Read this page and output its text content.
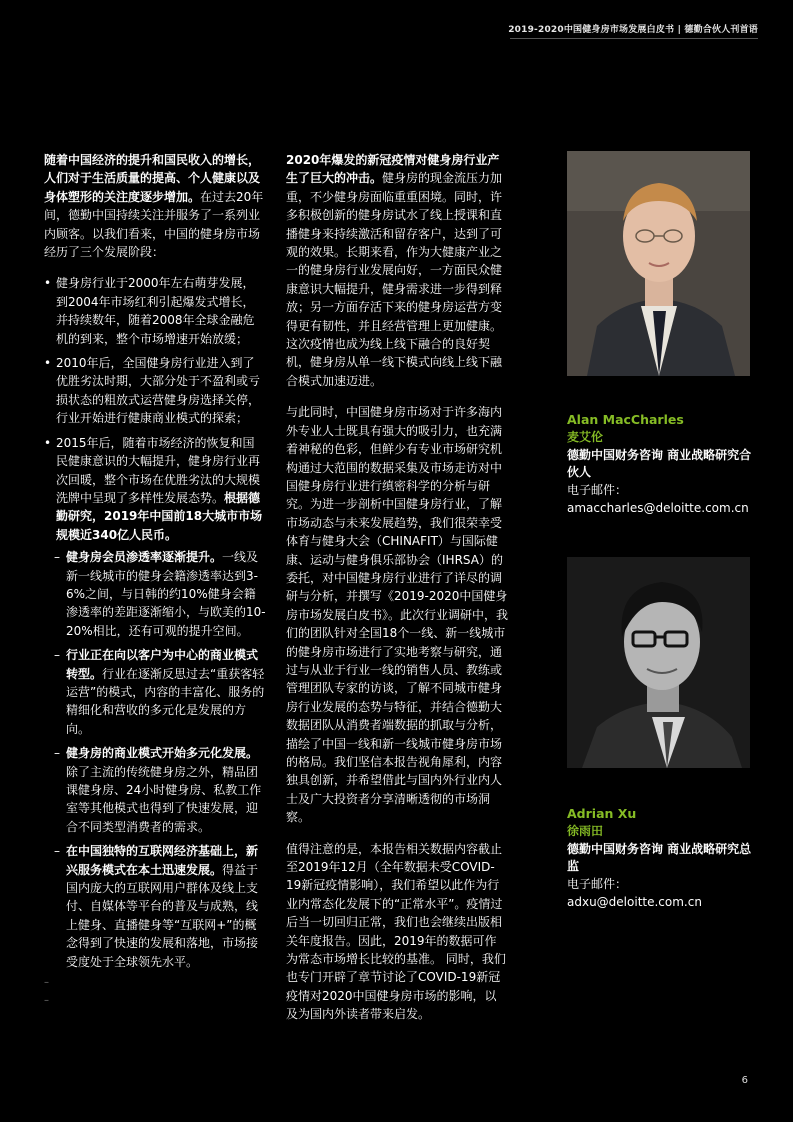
2019-2020中国健身房市场发展白皮书 | 德勤合伙人刊首语

随着中国经济的提升和国民收入的增长，人们对于生活质量的提高、个人健康以及身体塑形的关注度逐步增加。在过去20年间，德勤中国持续关注并服务了一系列业内顾客。以我们看来，中国的健身房市场经历了三个发展阶段：

• 健身房行业于2000年左右萌芽发展，到2004年市场红利引起爆发式增长，并持续数年，随着2008年全球金融危机的到来，整个市场增速开始放缓；
• 2010年后，全国健身房行业进入到了优胜劣汰时期，大部分处于不盈利或亏损状态的粗放式运营健身房选择关停，行业开始进行健康商业模式的探索；
• 2015年后，随着市场经济的恢复和国民健康意识的大幅提升，健身房行业再次回暖，整个市场在优胜劣汰的大规模洗牌中呈现了多样性发展态势。根据德勤研究，2019年中国前18大城市市场规模近340亿人民币。
– 健身房会员渗透率逐渐提升。一线及新一线城市的健身会籍渗透率达到3-6%之间，与日韩的约10%健身会籍渗透率的差距逐渐缩小，与欧美的10-20%相比，还有可观的提升空间。
– 行业正在向以客户为中心的商业模式转型。行业在逐渐反思过去“重获客轻运营”的模式，内容的丰富化、服务的精细化和营收的多元化是发展的方向。
– 健身房的商业模式开始多元化发展。除了主流的传统健身房之外，精品团课健身房、24小时健身房、私教工作室等其他模式也得到了快速发展，迎合不同类型消费者的需求。
– 在中国独特的互联网经济基础上，新兴服务模式在本土迅速发展。得益于国内庞大的互联网用户群体及线上支付、自媒体等平台的普及与成熟，线上健身、直播健身等“互联网+”的概念得到了快速的发展和落地，市场接受度处于全球领先水平。
–
–

2020年爆发的新冠疫情对健身房行业产生了巨大的冲击。健身房的现金流压力加重，不少健身房面临重重困境。同时，许多积极创新的健身房试水了线上授课和直播健身来持续激活和留存客户，达到了可观的效果。长期来看，作为大健康产业之一的健身房行业发展向好，一方面民众健康意识大幅提升，健身需求进一步得到释放；另一方面存活下来的健身房运营方变得更有韧性，并且经营管理上更加健康。这次疫情也成为线上线下融合的良好契机，健身房从单一线下模式向线上线下融合模式加速迈进。

与此同时，中国健身房市场对于许多海内外专业人士既具有强大的吸引力，也充满着神秘的色彩，但鲜少有专业市场研究机构通过大范围的数据采集及市场走访对中国健身房行业进行缜密科学的分析与研究。为进一步剖析中国健身房行业，了解市场动态与未来发展趋势，我们很荣幸受体育与健身大会（CHINAFIT）与国际健康、运动与健身俱乐部协会（IHRSA）的委托，对中国健身房行业进行了详尽的调研与分析，并撰写《2019-2020中国健身房市场发展白皮书》。此次行业调研中，我们的团队针对全国18个一线、新一线城市的健身房市场进行了实地考察与研究，通过与从业于行业一线的销售人员、教练或管理团队专家的访谈，了解不同城市健身房行业发展的态势与特征，并结合德勤大数据团队从消费者端数据的抓取与分析，描绘了中国一线和新一线城市健身房市场的格局。我们坚信本报告视角犀利，内容独具创新，并希望借此与国内外行业内人士及广大投资者分享清晰透彻的市场洞察。

值得注意的是，本报告相关数据内容截止至2019年12月（全年数据未受COVID-19新冠疫情影响），我们希望以此作为行业内常态化发展下的“正常水平”。疫情过后当一切回归正常，我们也会继续出版相关年度报告。因此，2019年的数据可作为常态市场增长比较的基准。 同时，我们也专门开辟了章节讨论了COVID-19新冠疫情对2020中国健身房市场的影响，以及为国内外读者带来启发。

Alan MacCharles
麦艾伦
德勤中国财务咨询 商业战略研究合伙人
电子邮件：amaccharles@deloitte.com.cn
Adrian Xu
徐雨田
德勤中国财务咨询 商业战略研究总监
电子邮件：adxu@deloitte.com.cn
6
